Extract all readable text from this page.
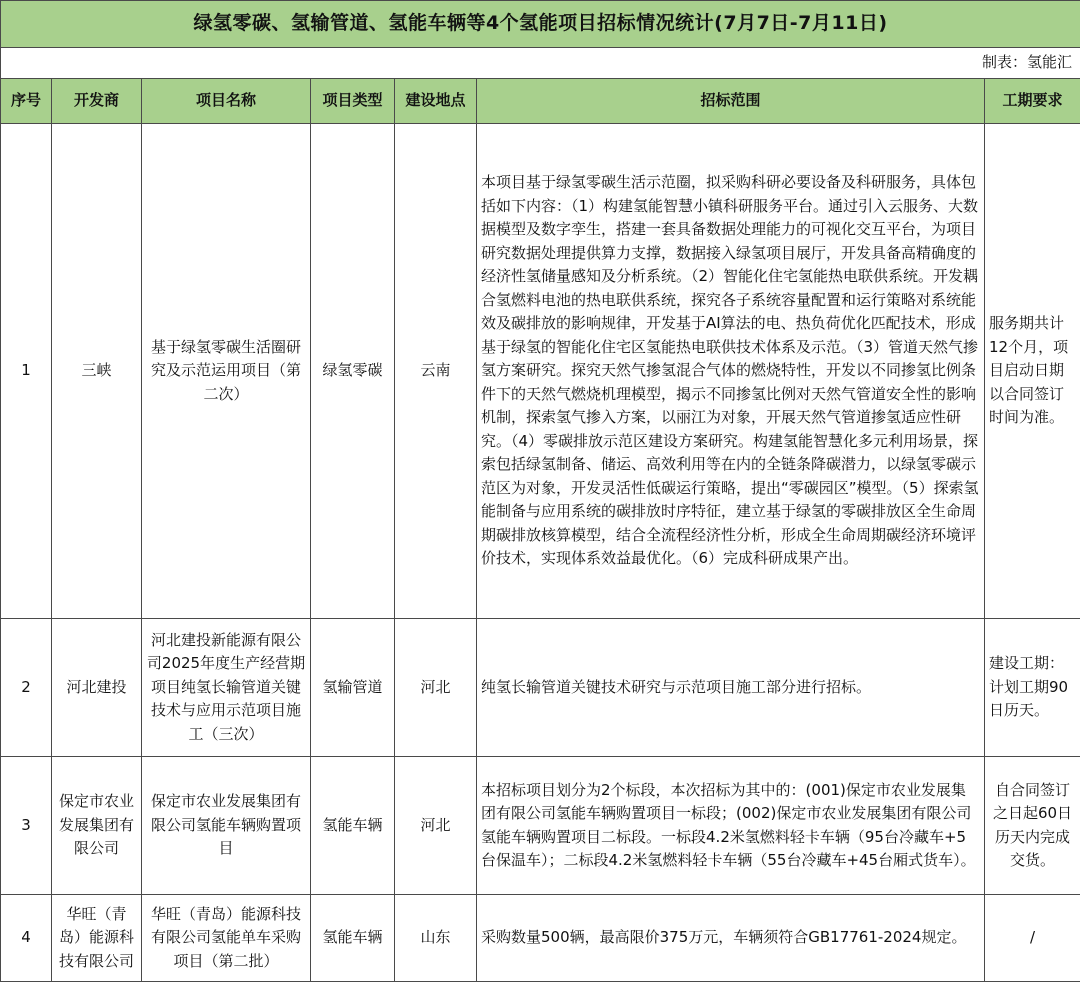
绿氢零碳、氢输管道、氢能车辆等4个氢能项目招标情况统计(7月7日-7月11日)						
制表：氢能汇						
序号	开发商	项目名称	项目类型	建设地点	招标范围	工期要求
1	三峡	基于绿氢零碳生活圈研究及示范运用项目（第二次）	绿氢零碳	云南	本项目基于绿氢零碳生活示范圈，拟采购科研必要设备及科研服务，具体包括如下内容：（1）构建氢能智慧小镇科研服务平台。通过引入云服务、大数据模型及数字孪生，搭建一套具备数据处理能力的可视化交互平台，为项目研究数据处理提供算力支撑，数据接入绿氢项目展厅，开发具备高精确度的经济性氢储量感知及分析系统。（2）智能化住宅氢能热电联供系统。开发耦合氢燃料电池的热电联供系统，探究各子系统容量配置和运行策略对系统能效及碳排放的影响规律，开发基于AI算法的电、热负荷优化匹配技术，形成基于绿氢的智能化住宅区氢能热电联供技术体系及示范。（3）管道天然气掺氢方案研究。探究天然气掺氢混合气体的燃烧特性，开发以不同掺氢比例条件下的天然气燃烧机理模型，揭示不同掺氢比例对天然气管道安全性的影响机制，探索氢气掺入方案，以丽江为对象，开展天然气管道掺氢适应性研究。（4）零碳排放示范区建设方案研究。构建氢能智慧化多元利用场景，探索包括绿氢制备、储运、高效利用等在内的全链条降碳潜力，以绿氢零碳示范区为对象，开发灵活性低碳运行策略，提出“零碳园区”模型。（5）探索氢能制备与应用系统的碳排放时序特征，建立基于绿氢的零碳排放区全生命周期碳排放核算模型，结合全流程经济性分析，形成全生命周期碳经济环境评价技术，实现体系效益最优化。（6）完成科研成果产出。	服务期共计12个月，项目启动日期以合同签订时间为准。
2	河北建投	河北建投新能源有限公司2025年度生产经营期项目纯氢长输管道关键技术与应用示范项目施工（三次）	氢输管道	河北	纯氢长输管道关键技术研究与示范项目施工部分进行招标。	建设工期：计划工期90日历天。
3	保定市农业发展集团有限公司	保定市农业发展集团有限公司氢能车辆购置项目	氢能车辆	河北	本招标项目划分为2个标段，本次招标为其中的：(001)保定市农业发展集团有限公司氢能车辆购置项目一标段；(002)保定市农业发展集团有限公司氢能车辆购置项目二标段。一标段4.2米氢燃料轻卡车辆（95台冷藏车+5台保温车）；二标段4.2米氢燃料轻卡车辆（55台冷藏车+45台厢式货车）。	自合同签订之日起60日历天内完成交货。
4	华旺（青岛）能源科技有限公司	华旺（青岛）能源科技有限公司氢能单车采购项目（第二批）	氢能车辆	山东	采购数量500辆，最高限价375万元，车辆须符合GB17761-2024规定。	/
